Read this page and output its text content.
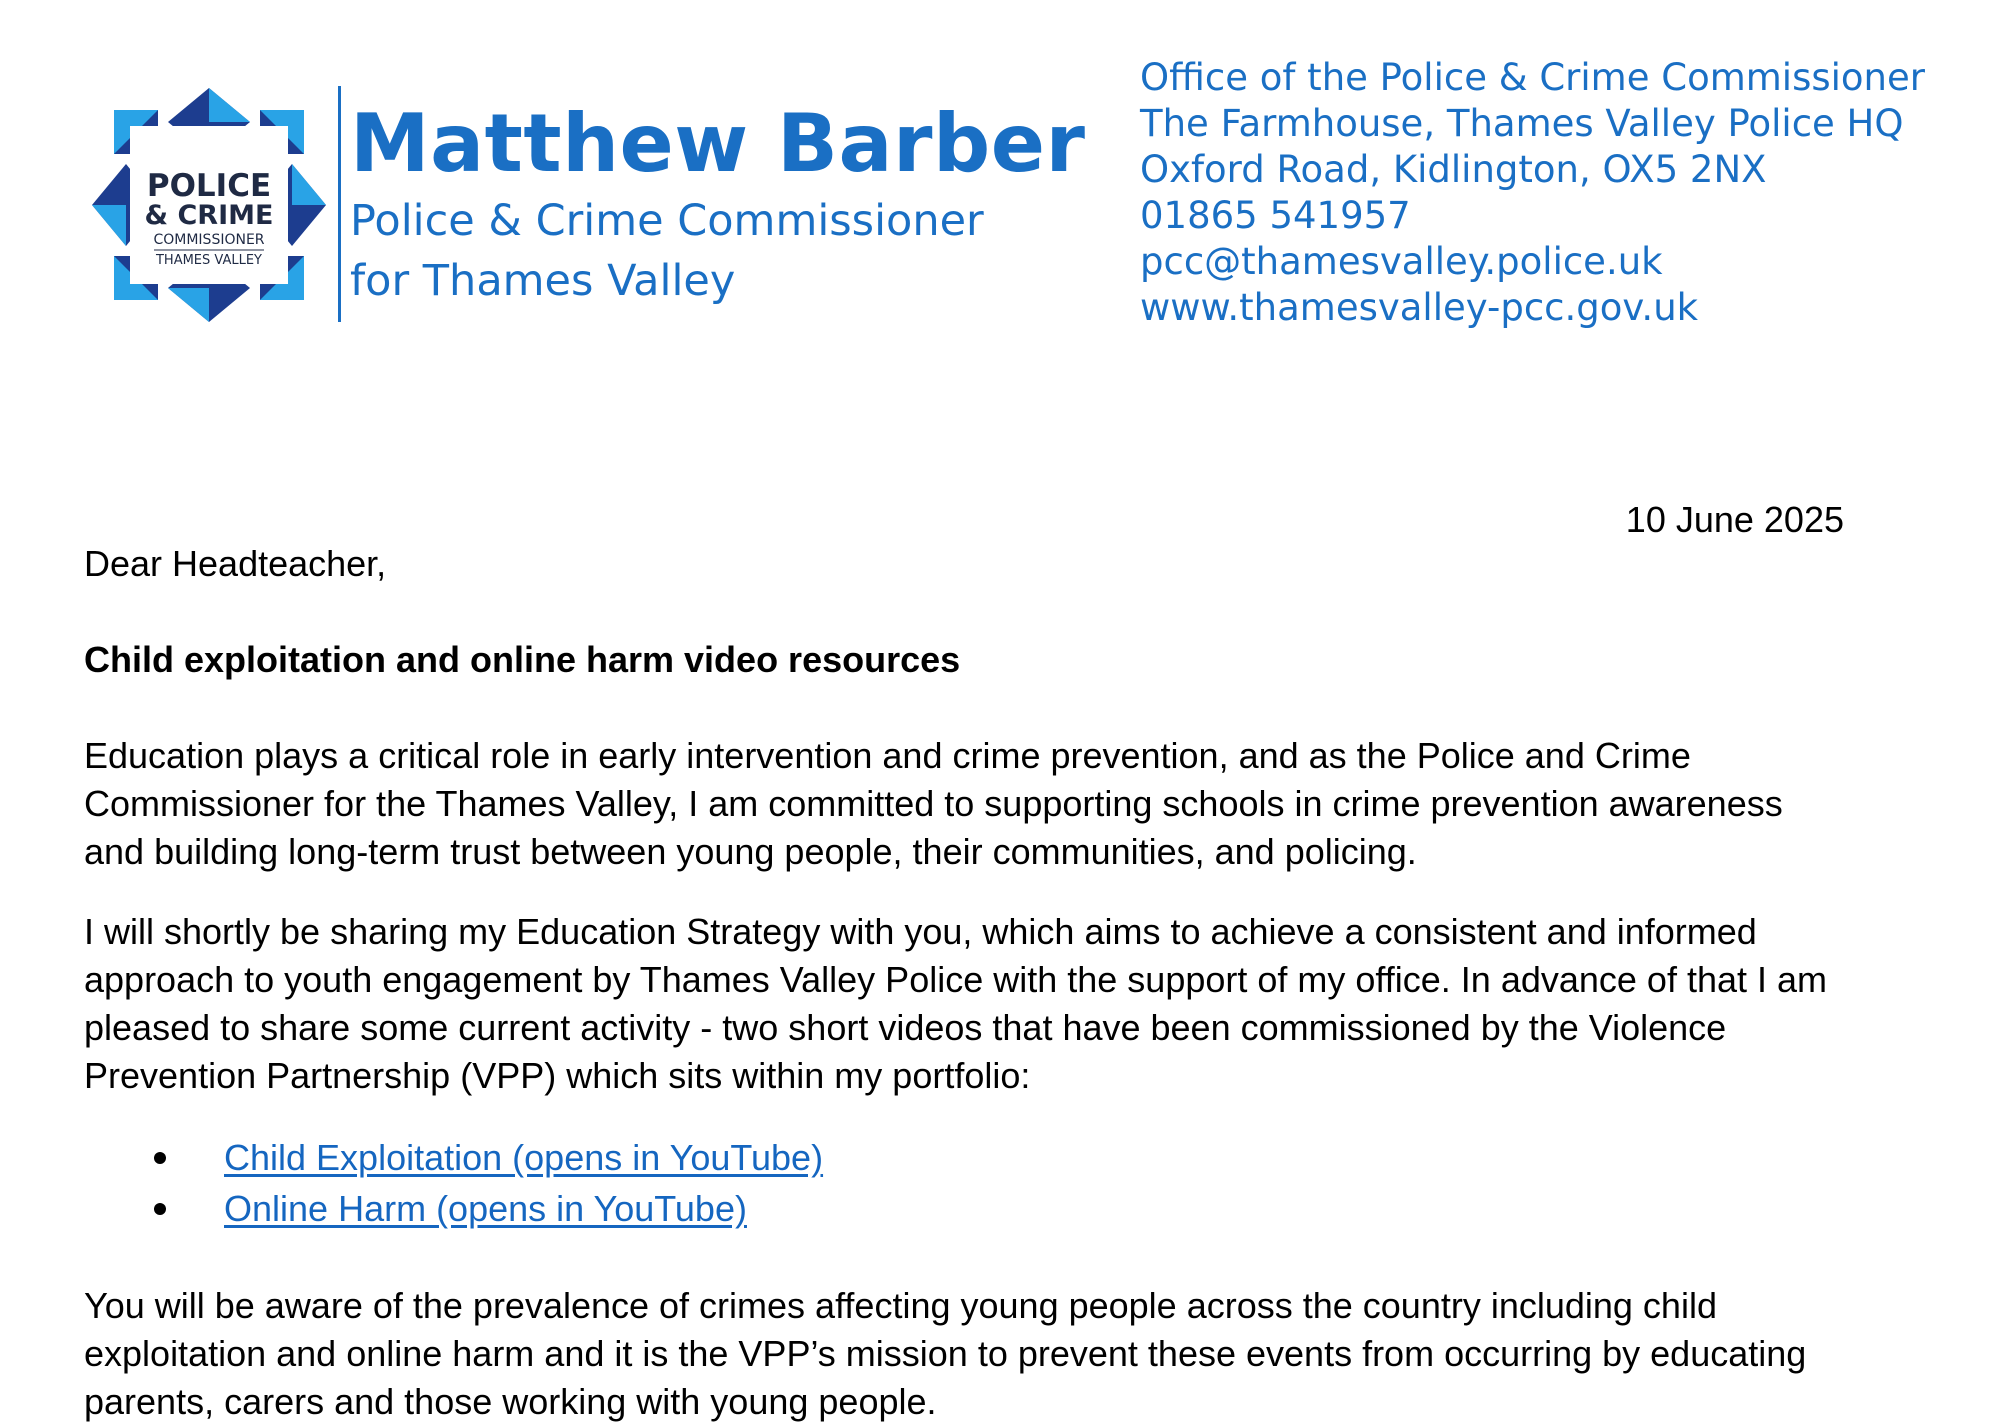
POLICE
& CRIME
COMMISSIONER
THAMES VALLEY
Matthew Barber
Police & Crime Commissioner
for Thames Valley
Office of the Police & Crime Commissioner
The Farmhouse, Thames Valley Police HQ
Oxford Road, Kidlington, OX5 2NX
01865 541957
pcc@thamesvalley.police.uk
www.thamesvalley-pcc.gov.uk
10 June 2025

Dear Headteacher,

Child exploitation and online harm video resources

Education plays a critical role in early intervention and crime prevention, and as the Police and Crime Commissioner for the Thames Valley, I am committed to supporting schools in crime prevention awareness and building long-term trust between young people, their communities, and policing.

I will shortly be sharing my Education Strategy with you, which aims to achieve a consistent and informed approach to youth engagement by Thames Valley Police with the support of my office. In advance of that I am pleased to share some current activity - two short videos that have been commissioned by the Violence Prevention Partnership (VPP) which sits within my portfolio:

Child Exploitation (opens in YouTube)
Online Harm (opens in YouTube)

You will be aware of the prevalence of crimes affecting young people across the country including child exploitation and online harm and it is the VPP’s mission to prevent these events from occurring by educating parents, carers and those working with young people.
